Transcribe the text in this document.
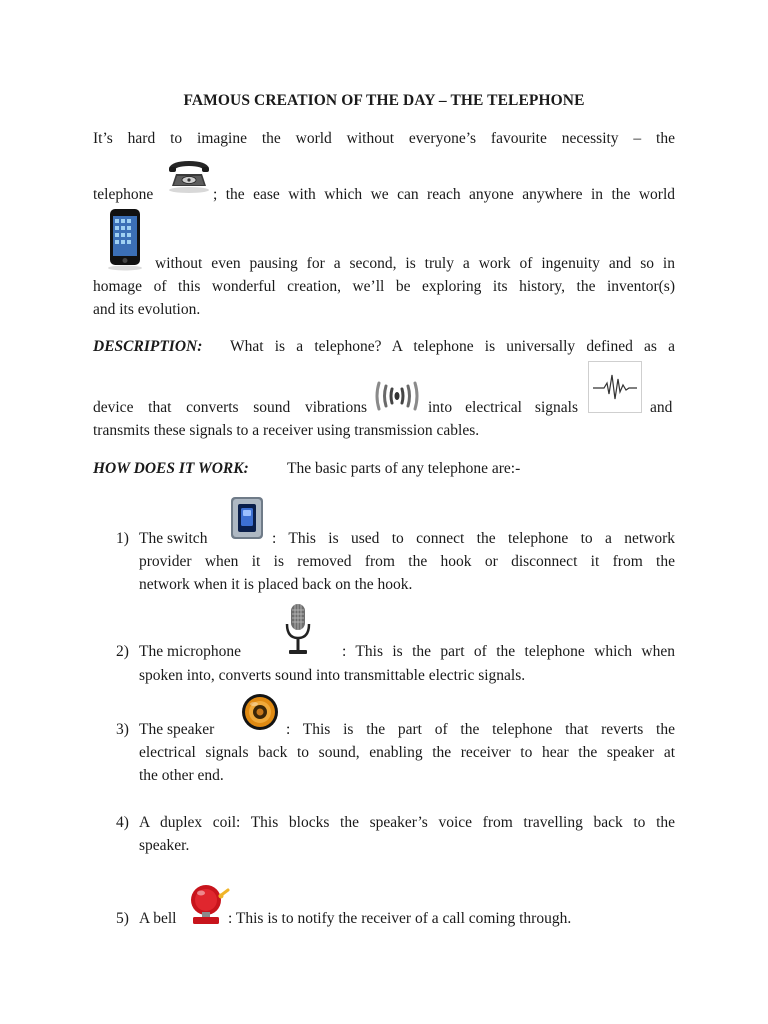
FAMOUS CREATION OF THE DAY – THE TELEPHONE
It’s hard to imagine the world without everyone’s favourite necessity – the
telephone	; the ease with which we can reach anyone anywhere in the world
without even pausing for a second, is truly a work of ingenuity and so in
homage of this wonderful creation, we’ll be exploring its history, the inventor(s)
and its evolution.
DESCRIPTION: What is a telephone? A telephone is universally defined as a
device that converts sound vibrations	into electrical signals	and
transmits these signals to a receiver using transmission cables.
HOW DOES IT WORK: The basic parts of any telephone are:-
1) The switch	: This is used to connect the telephone to a network
provider when it is removed from the hook or disconnect it from the
network when it is placed back on the hook.
2) The microphone	: This is the part of the telephone which when
spoken into, converts sound into transmittable electric signals.
3) The speaker	: This is the part of the telephone that reverts the
electrical signals back to sound, enabling the receiver to hear the speaker at
the other end.
4) A duplex coil: This blocks the speaker’s voice from travelling back to the
speaker.
5) A bell	: This is to notify the receiver of a call coming through.
